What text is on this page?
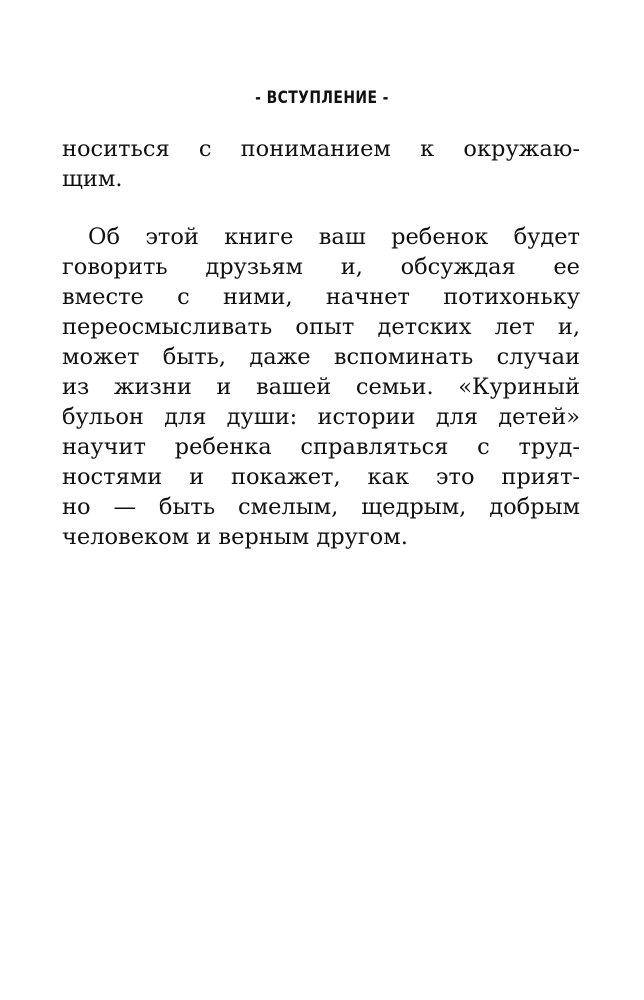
- ВСТУПЛЕНИЕ -
носиться с пониманием к окружаю-
щим.
Об этой книге ваш ребенок будет
говорить друзьям и, обсуждая ее
вместе с ними, начнет потихоньку
переосмысливать опыт детских лет и,
может быть, даже вспоминать случаи
из жизни и вашей семьи. «Куриный
бульон для души: истории для детей»
научит ребенка справляться с труд-
ностями и покажет, как это прият-
но — быть смелым, щедрым, добрым
человеком и верным другом.
